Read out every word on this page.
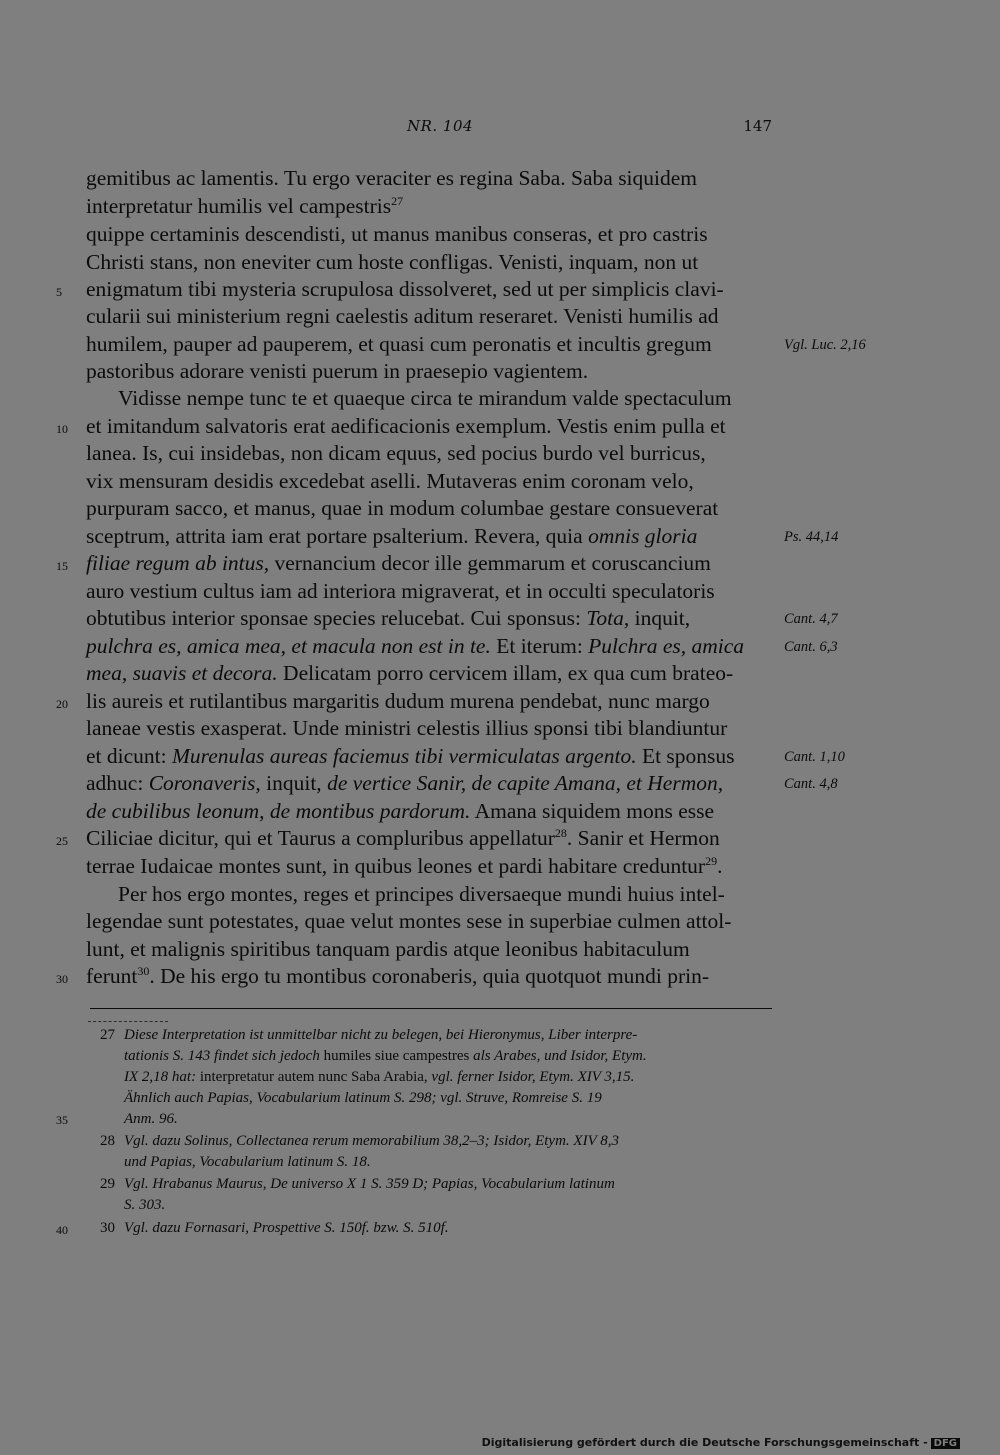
NR. 104	147
gemitibus ac lamentis. Tu ergo veraciter es regina Saba. Saba siquidem
interpretatur humilis vel campestris$^{27}$
quippe certaminis descendisti, ut manus manibus conseras, et pro castris
Christi stans, non eneviter cum hoste confligas. Venisti, inquam, non ut
enigmatum tibi mysteria scrupulosa dissolveret, sed ut per simplicis clavi-
cularii sui ministerium regni caelestis aditum reseraret. Venisti humilis ad
humilem, pauper ad pauperem, et quasi cum peronatis et incultis gregum
pastoribus adorare venisti puerum in praesepio vagientem.
Vidisse nempe tunc te et quaeque circa te mirandum valde spectaculum
et imitandum salvatoris erat aedificacionis exemplum. Vestis enim pulla et
lanea. Is, cui insidebas, non dicam equus, sed pocius burdo vel burricus,
vix mensuram desidis excedebat aselli. Mutaveras enim coronam velo,
purpuram sacco, et manus, quae in modum columbae gestare consueverat
sceptrum, attrita iam erat portare psalterium. Revera, quia omnis gloria
filiae regum ab intus, vernancium decor ille gemmarum et coruscancium
auro vestium cultus iam ad interiora migraverat, et in occulti speculatoris
obtutibus interior sponsae species relucebat. Cui sponsus: Tota, inquit,
pulchra es, amica mea, et macula non est in te. Et iterum: Pulchra es, amica
mea, suavis et decora. Delicatam porro cervicem illam, ex qua cum brateo-
lis aureis et rutilantibus margaritis dudum murena pendebat, nunc margo
laneae vestis exasperat. Unde ministri celestis illius sponsi tibi blandiuntur
et dicunt: Murenulas aureas faciemus tibi vermiculatas argento. Et sponsus
adhuc: Coronaveris, inquit, de vertice Sanir, de capite Amana, et Hermon,
de cubilibus leonum, de montibus pardorum. Amana siquidem mons esse
Ciliciae dicitur, qui et Taurus a compluribus appellatur$^{28}$. Sanir et Hermon
terrae Iudaicae montes sunt, in quibus leones et pardi habitare creduntur$^{29}$.
Per hos ergo montes, reges et principes diversaeque mundi huius intel-
legendae sunt potestates, quae velut montes sese in superbiae culmen attol-
lunt, et malignis spiritibus tanquam pardis atque leonibus habitaculum
ferunt$^{30}$. De his ergo tu montibus coronaberis, quia quotquot mundi prin-
5
10
15
20
25
30
35
40
Vgl. Luc. 2,16
Ps. 44,14
Cant. 4,7
Cant. 6,3
Cant. 1,10
Cant. 4,8
27 Diese Interpretation ist unmittelbar nicht zu belegen, bei Hieronymus, Liber interpre-
tationis S. 143 findet sich jedoch humiles siue campestres als Arabes, und Isidor, Etym.
IX 2,18 hat: interpretatur autem nunc Saba Arabia, vgl. ferner Isidor, Etym. XIV 3,15.
Ähnlich auch Papias, Vocabularium latinum S. 298; vgl. Struve, Romreise S. 19
Anm. 96.
28 Vgl. dazu Solinus, Collectanea rerum memorabilium 38,2–3; Isidor, Etym. XIV 8,3
und Papias, Vocabularium latinum S. 18.
29 Vgl. Hrabanus Maurus, De universo X 1 S. 359 D; Papias, Vocabularium latinum
S. 303.
30 Vgl. dazu Fornasari, Prospettive S. 150f. bzw. S. 510f.
Digitalisierung gefördert durch die Deutsche Forschungsgemeinschaft - DFG
